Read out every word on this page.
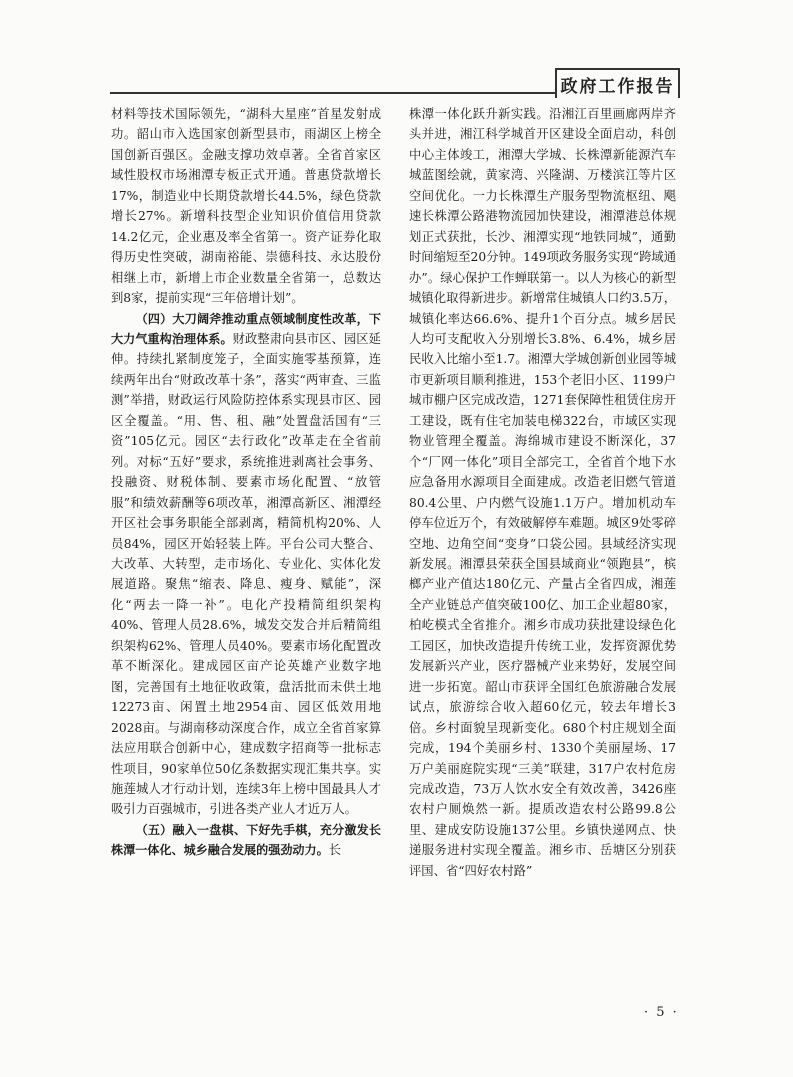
政府工作报告

材料等技术国际领先，“湖科大星座”首星发射成功。韶山市入选国家创新型县市，雨湖区上榜全国创新百强区。金融支撑功效卓著。全省首家区域性股权市场湘潭专板正式开通。普惠贷款增长17%，制造业中长期贷款增长44.5%，绿色贷款增长27%。新增科技型企业知识价值信用贷款14.2亿元，企业惠及率全省第一。资产证券化取得历史性突破，湖南裕能、崇德科技、永达股份相继上市，新增上市企业数量全省第一，总数达到8家，提前实现“三年倍增计划”。

（四）大刀阔斧推动重点领域制度性改革，下大力气重构治理体系。财政整肃向县市区、园区延伸。持续扎紧制度笼子，全面实施零基预算，连续两年出台“财政改革十条”，落实“两审查、三监测”举措，财政运行风险防控体系实现县市区、园区全覆盖。“用、售、租、融”处置盘活国有“三资”105亿元。园区“去行政化”改革走在全省前列。对标“五好”要求，系统推进剥离社会事务、投融资、财税体制、要素市场化配置、“放管服”和绩效薪酬等6项改革，湘潭高新区、湘潭经开区社会事务职能全部剥离，精简机构20%、人员84%，园区开始轻装上阵。平台公司大整合、大改革、大转型，走市场化、专业化、实体化发展道路。聚焦“缩表、降息、瘦身、赋能”，深化“两去一降一补”。电化产投精简组织架构40%、管理人员28.6%，城发交发合并后精简组织架构62%、管理人员40%。要素市场化配置改革不断深化。建成园区亩产论英雄产业数字地图，完善国有土地征收政策，盘活批而未供土地12273亩、闲置土地2954亩、园区低效用地2028亩。与湖南移动深度合作，成立全省首家算法应用联合创新中心，建成数字招商等一批标志性项目，90家单位50亿条数据实现汇集共享。实施莲城人才行动计划，连续3年上榜中国最具人才吸引力百强城市，引进各类产业人才近万人。

（五）融入一盘棋、下好先手棋，充分激发长株潭一体化、城乡融合发展的强劲动力。长

株潭一体化跃升新实践。沿湘江百里画廊两岸齐头并进，湘江科学城首开区建设全面启动，科创中心主体竣工，湘潭大学城、长株潭新能源汽车城蓝图绘就，黄家湾、兴隆湖、万楼滨江等片区空间优化。一力长株潭生产服务型物流枢纽、飓速长株潭公路港物流园加快建设，湘潭港总体规划正式获批，长沙、湘潭实现“地铁同城”，通勤时间缩短至20分钟。149项政务服务实现“跨域通办”。绿心保护工作蝉联第一。以人为核心的新型城镇化取得新进步。新增常住城镇人口约3.5万，城镇化率达66.6%、提升1个百分点。城乡居民人均可支配收入分别增长3.8%、6.4%，城乡居民收入比缩小至1.7。湘潭大学城创新创业园等城市更新项目顺利推进，153个老旧小区、1199户城市棚户区完成改造，1271套保障性租赁住房开工建设，既有住宅加装电梯322台，市域区实现物业管理全覆盖。海绵城市建设不断深化，37个“厂网一体化”项目全部完工，全省首个地下水应急备用水源项目全面建成。改造老旧燃气管道80.4公里、户内燃气设施1.1万户。增加机动车停车位近万个，有效破解停车难题。城区9处零碎空地、边角空间“变身”口袋公园。县域经济实现新发展。湘潭县荣获全国县域商业“领跑县”，槟榔产业产值达180亿元、产量占全省四成，湘莲全产业链总产值突破100亿、加工企业超80家，柏屹模式全省推介。湘乡市成功获批建设绿色化工园区，加快改造提升传统工业，发挥资源优势发展新兴产业，医疗器械产业来势好，发展空间进一步拓宽。韶山市获评全国红色旅游融合发展试点，旅游综合收入超60亿元，较去年增长3倍。乡村面貌呈现新变化。680个村庄规划全面完成，194个美丽乡村、1330个美丽屋场、17万户美丽庭院实现“三美”联建，317户农村危房完成改造，73万人饮水安全有效改善，3426座农村户厕焕然一新。提质改造农村公路99.8公里、建成安防设施137公里。乡镇快递网点、快递服务进村实现全覆盖。湘乡市、岳塘区分别获评国、省“四好农村路”

· 5 ·
